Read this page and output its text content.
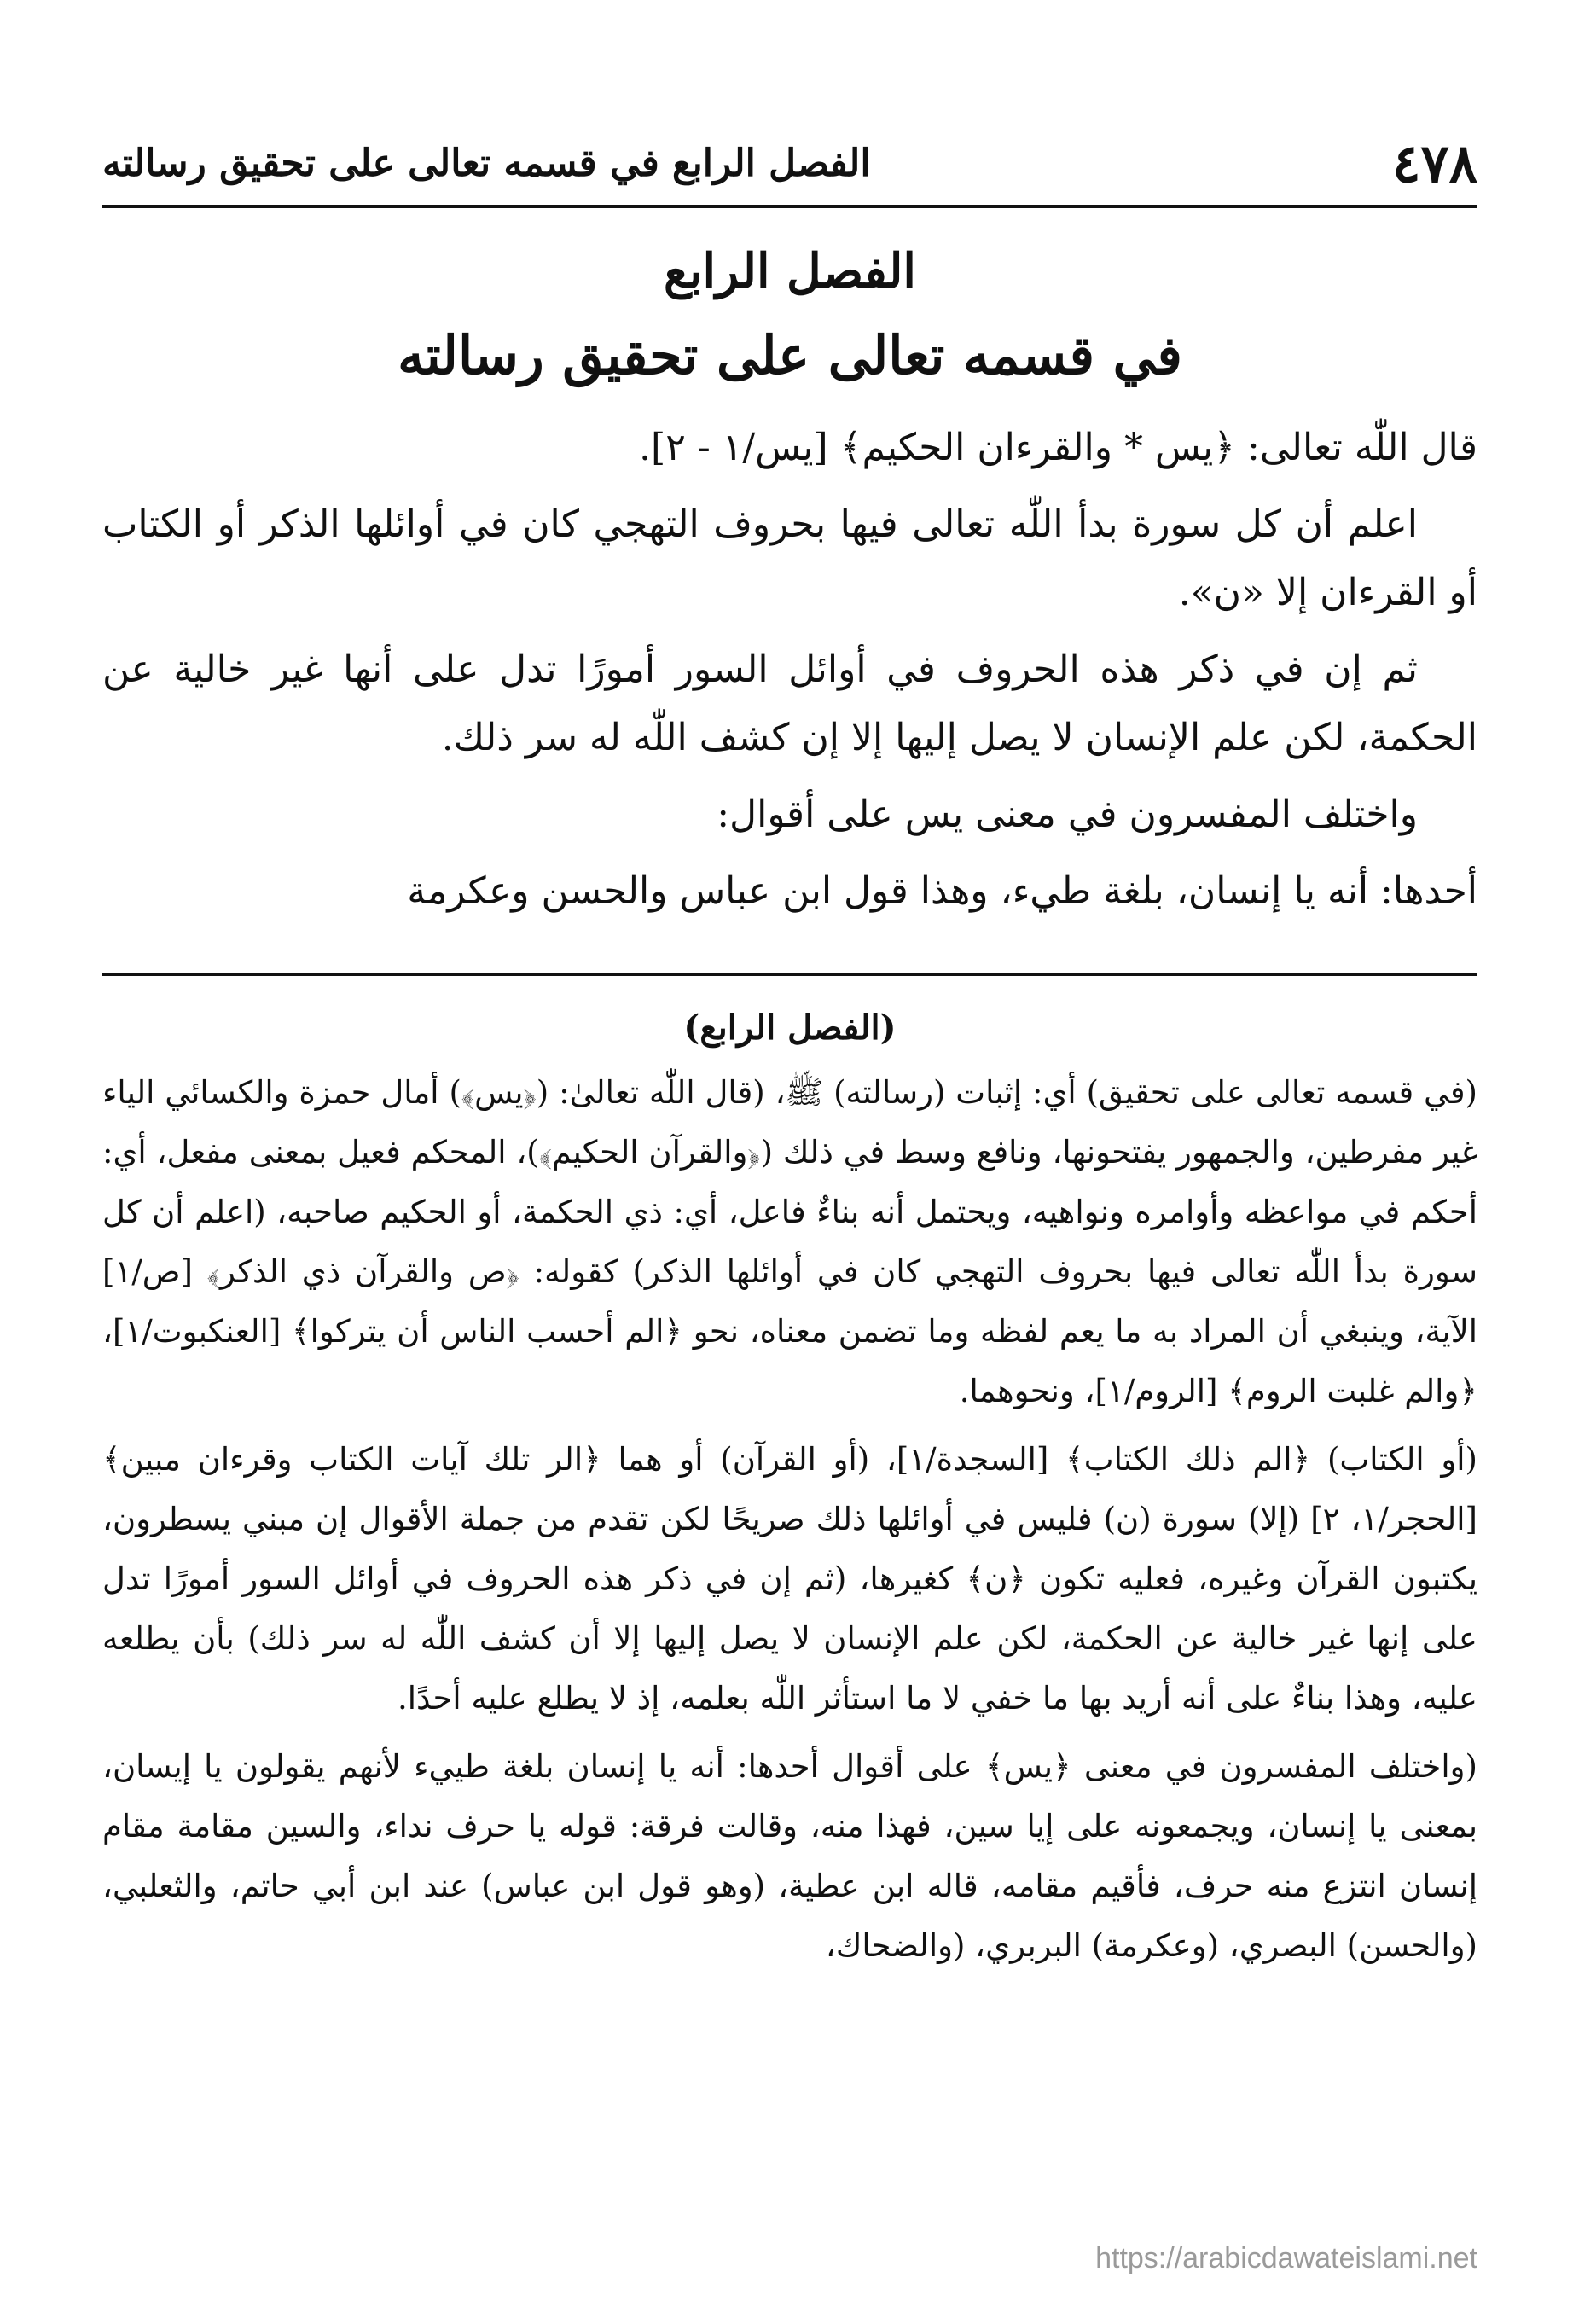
٤٧٨
الفصل الرابع في قسمه تعالى على تحقيق رسالته
الفصل الرابع
في قسمه تعالى على تحقيق رسالته

قال اللّٰه تعالى: ﴿يس * والقرءان الحكيم﴾ [يس/١ - ٢].

اعلم أن كل سورة بدأ اللّٰه تعالى فيها بحروف التهجي كان في أوائلها الذكر أو الكتاب أو القرءان إلا «ن».

ثم إن في ذكر هذه الحروف في أوائل السور أمورًا تدل على أنها غير خالية عن الحكمة، لكن علم الإنسان لا يصل إليها إلا إن كشف اللّٰه له سر ذلك.

واختلف المفسرون في معنى يس على أقوال:

أحدها: أنه يا إنسان، بلغة طيء، وهذا قول ابن عباس والحسن وعكرمة

(الفصل الرابع)

(في قسمه تعالى على تحقيق) أي: إثبات (رسالته) ﷺ، (قال اللّٰه تعالىٰ: (﴿يس﴾) أمال حمزة والكسائي الياء غير مفرطين، والجمهور يفتحونها، ونافع وسط في ذلك (﴿والقرآن الحكيم﴾)، المحكم فعيل بمعنى مفعل، أي: أحكم في مواعظه وأوامره ونواهيه، ويحتمل أنه بناءٌ فاعل، أي: ذي الحكمة، أو الحكيم صاحبه، (اعلم أن كل سورة بدأ اللّٰه تعالى فيها بحروف التهجي كان في أوائلها الذكر) كقوله: ﴿ص والقرآن ذي الذكر﴾ [ص/١] الآية، وينبغي أن المراد به ما يعم لفظه وما تضمن معناه، نحو ﴿الم أحسب الناس أن يتركوا﴾ [العنكبوت/١]، ﴿والم غلبت الروم﴾ [الروم/١]، ونحوهما.

(أو الكتاب) ﴿الم ذلك الكتاب﴾ [السجدة/١]، (أو القرآن) أو هما ﴿الر تلك آيات الكتاب وقرءان مبين﴾ [الحجر/١، ٢] (إلا) سورة (ن) فليس في أوائلها ذلك صريحًا لكن تقدم من جملة الأقوال إن مبني يسطرون، يكتبون القرآن وغيره، فعليه تكون ﴿ن﴾ كغيرها، (ثم إن في ذكر هذه الحروف في أوائل السور أمورًا تدل على إنها غير خالية عن الحكمة، لكن علم الإنسان لا يصل إليها إلا أن كشف اللّٰه له سر ذلك) بأن يطلعه عليه، وهذا بناءٌ على أنه أريد بها ما خفي لا ما استأثر اللّٰه بعلمه، إذ لا يطلع عليه أحدًا.

(واختلف المفسرون في معنى ﴿يس﴾ على أقوال أحدها: أنه يا إنسان بلغة طييء لأنهم يقولون يا إيسان، بمعنى يا إنسان، ويجمعونه على إيا سين، فهذا منه، وقالت فرقة: قوله يا حرف نداء، والسين مقامة مقام إنسان انتزع منه حرف، فأقيم مقامه، قاله ابن عطية، (وهو قول ابن عباس) عند ابن أبي حاتم، والثعلبي، (والحسن) البصري، (وعكرمة) البربري، (والضحاك،

https://arabicdawateislami.net
